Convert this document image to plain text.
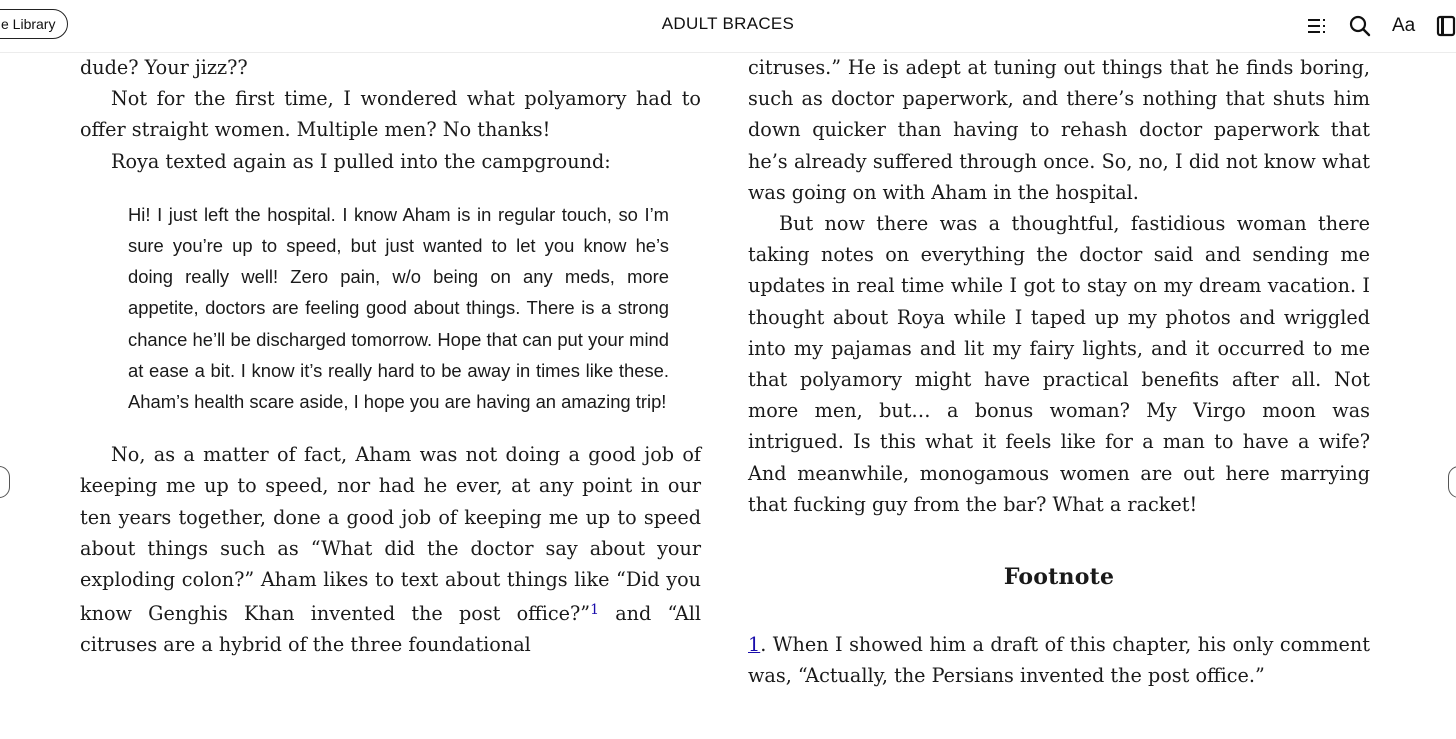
e Library	ADULT BRACES	Aa

dude? Your jizz??

Not for the first time, I wondered what polyamory had to offer straight women. Multiple men? No thanks!

Roya texted again as I pulled into the campground:

Hi! I just left the hospital. I know Aham is in regular touch, so I’m sure you’re up to speed, but just wanted to let you know he’s doing really well! Zero pain, w/o being on any meds, more appetite, doctors are feeling good about things. There is a strong chance he’ll be discharged tomorrow. Hope that can put your mind at ease a bit. I know it’s really hard to be away in times like these. Aham’s health scare aside, I hope you are having an amazing trip!

No, as a matter of fact, Aham was not doing a good job of keeping me up to speed, nor had he ever, at any point in our ten years together, done a good job of keeping me up to speed about things such as “What did the doctor say about your exploding colon?” Aham likes to text about things like “Did you know Genghis Khan invented the post office?”$^1$ and “All citruses are a hybrid of the three foundational

citruses.” He is adept at tuning out things that he finds boring, such as doctor paperwork, and there’s nothing that shuts him down quicker than having to rehash doctor paperwork that he’s already suffered through once. So, no, I did not know what was going on with Aham in the hospital.

But now there was a thoughtful, fastidious woman there taking notes on everything the doctor said and sending me updates in real time while I got to stay on my dream vacation. I thought about Roya while I taped up my photos and wriggled into my pajamas and lit my fairy lights, and it occurred to me that polyamory might have practical benefits after all. Not more men, but… a bonus woman? My Virgo moon was intrigued. Is this what it feels like for a man to have a wife? And meanwhile, monogamous women are out here marrying that fucking guy from the bar? What a racket!

Footnote

1. When I showed him a draft of this chapter, his only comment was, “Actually, the Persians invented the post office.”
